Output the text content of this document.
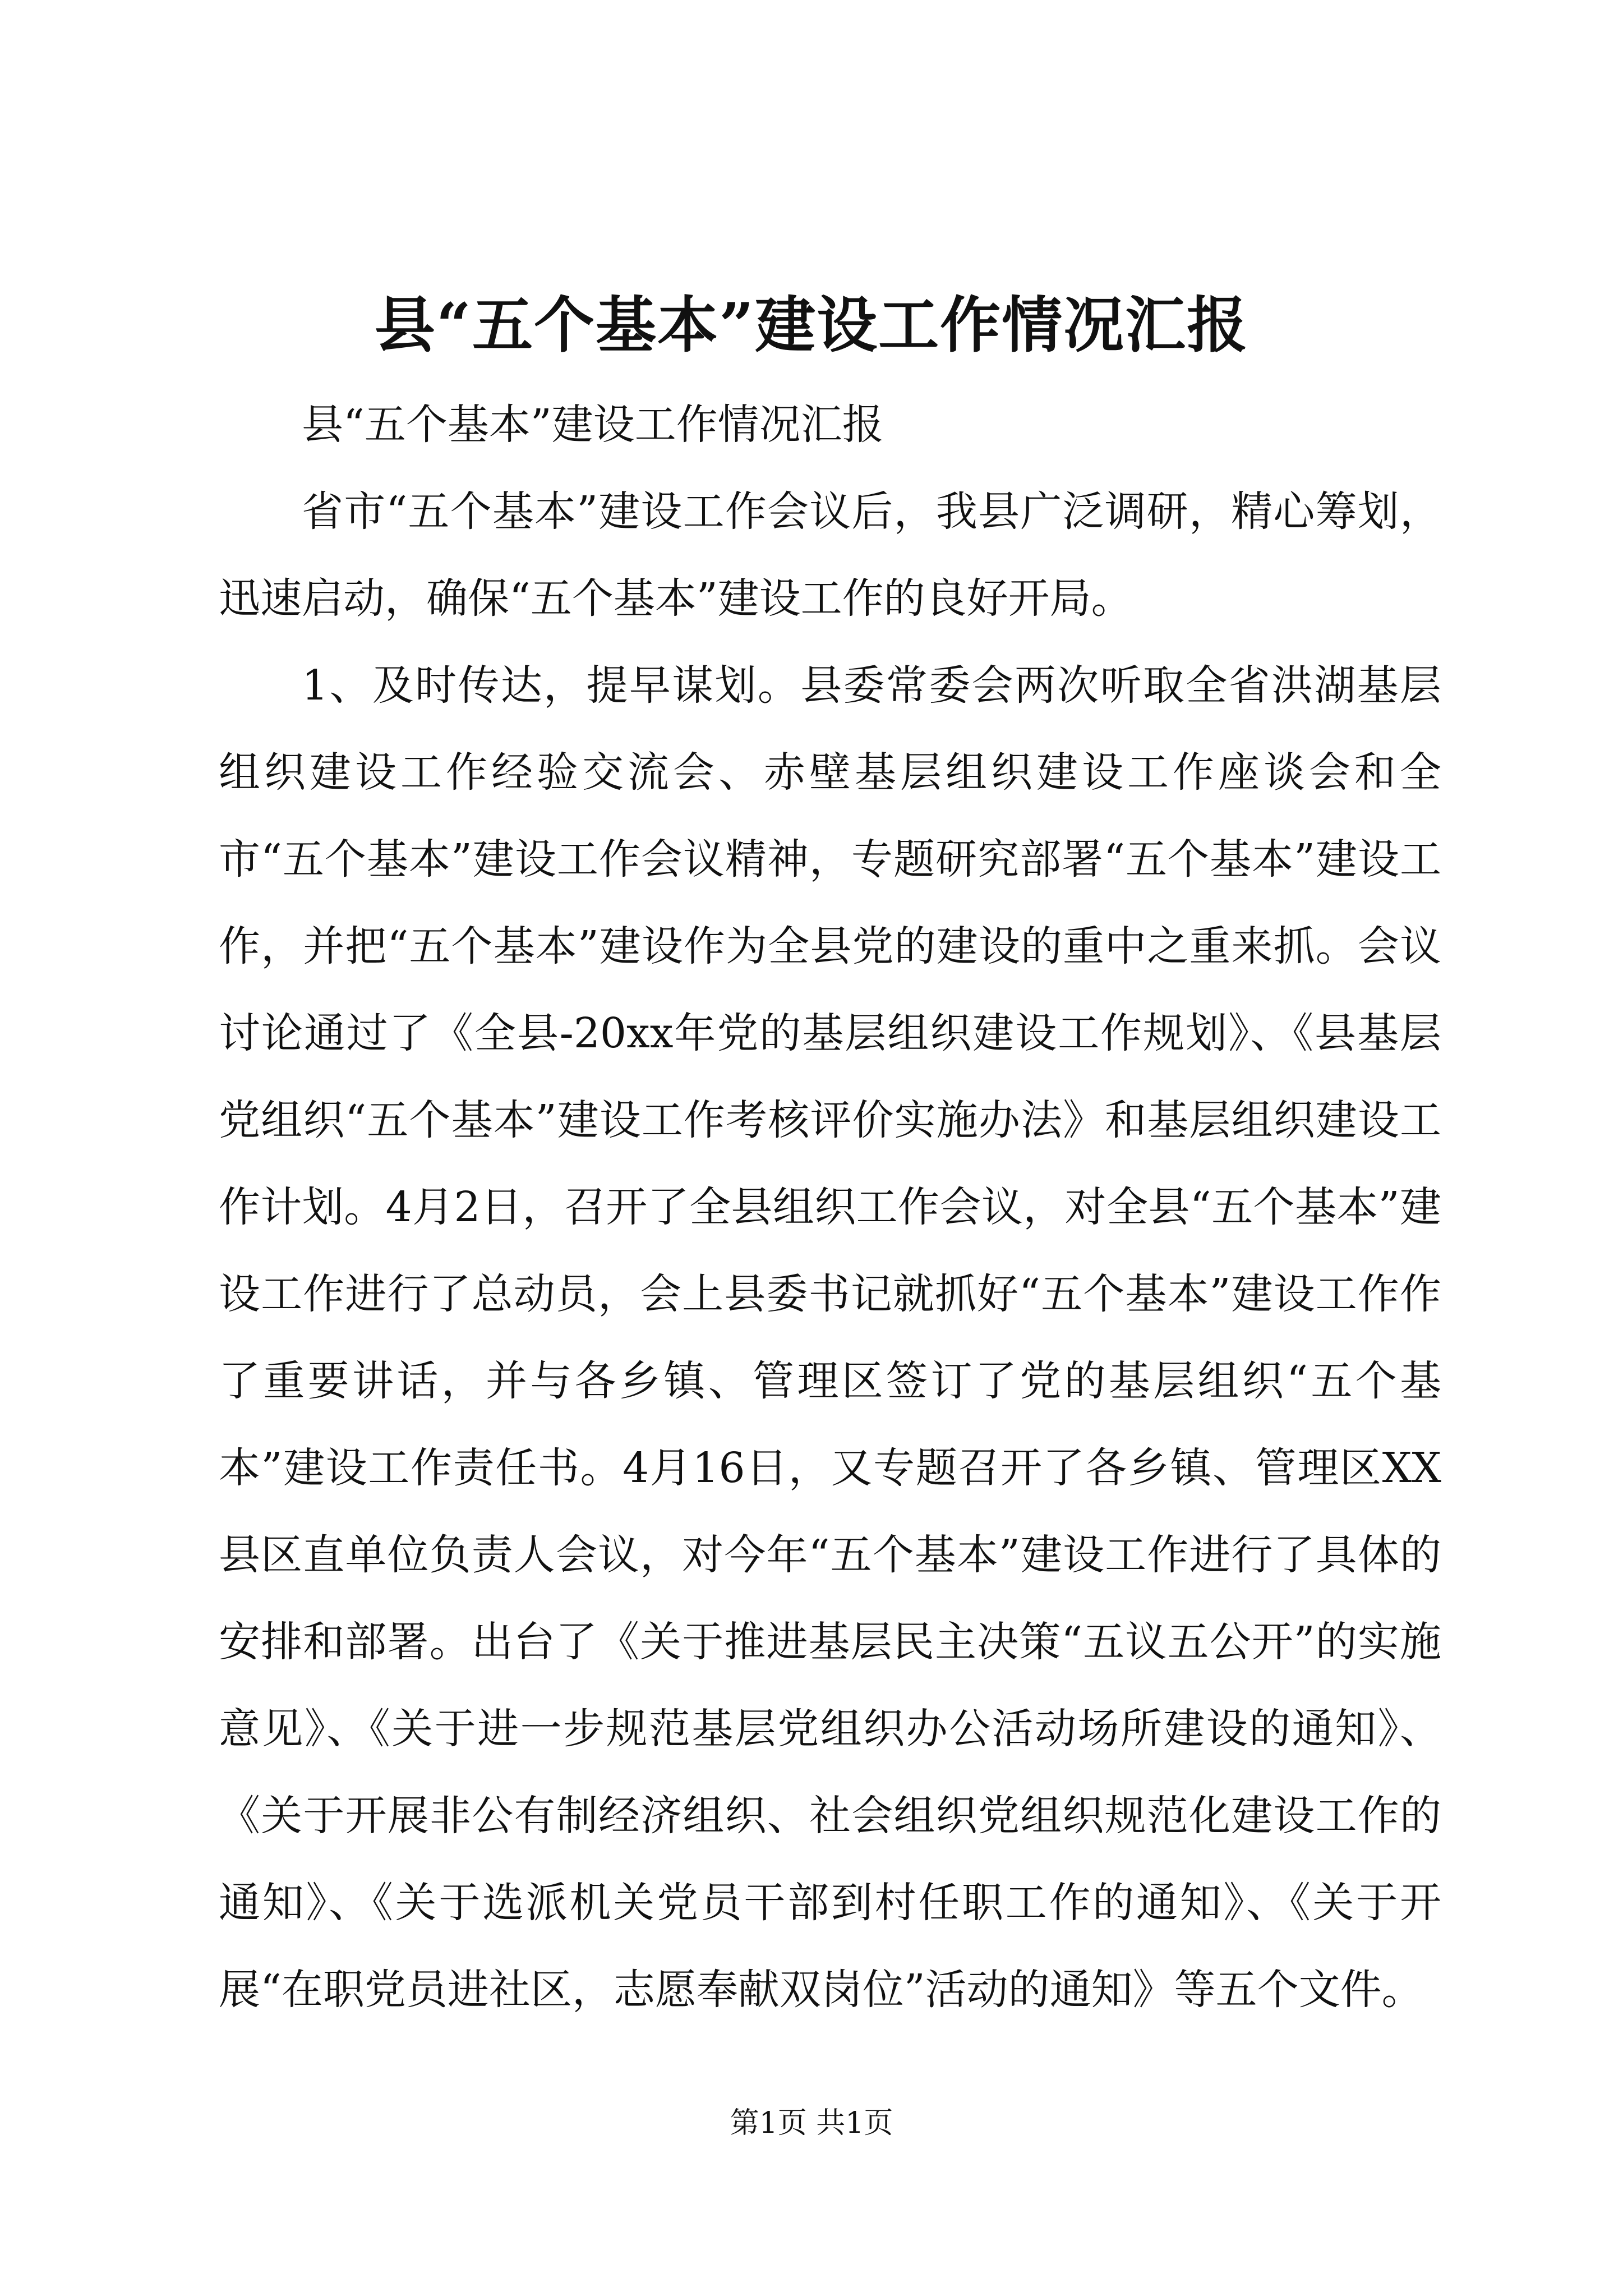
县“五个基本”建设工作情况汇报

县“五个基本”建设工作情况汇报

省市“五个基本”建设工作会议后，我县广泛调研，精心筹划，迅速启动，确保“五个基本”建设工作的良好开局。

1、及时传达，提早谋划。县委常委会两次听取全省洪湖基层组织建设工作经验交流会、赤壁基层组织建设工作座谈会和全市“五个基本”建设工作会议精神，专题研究部署“五个基本”建设工作，并把“五个基本”建设作为全县党的建设的重中之重来抓。会议讨论通过了《全县-20xx年党的基层组织建设工作规划》、《县基层党组织“五个基本”建设工作考核评价实施办法》和基层组织建设工作计划。4月2日，召开了全县组织工作会议，对全县“五个基本”建设工作进行了总动员，会上县委书记就抓好“五个基本”建设工作作了重要讲话，并与各乡镇、管理区签订了党的基层组织“五个基本”建设工作责任书。4月16日，又专题召开了各乡镇、管理区XX县区直单位负责人会议，对今年“五个基本”建设工作进行了具体的安排和部署。出台了《关于推进基层民主决策“五议五公开”的实施意见》、《关于进一步规范基层党组织办公活动场所建设的通知》、《关于开展非公有制经济组织、社会组织党组织规范化建设工作的通知》、《关于选派机关党员干部到村任职工作的通知》、《关于开展“在职党员进社区，志愿奉献双岗位”活动的通知》等五个文件。

第1页 共1页
